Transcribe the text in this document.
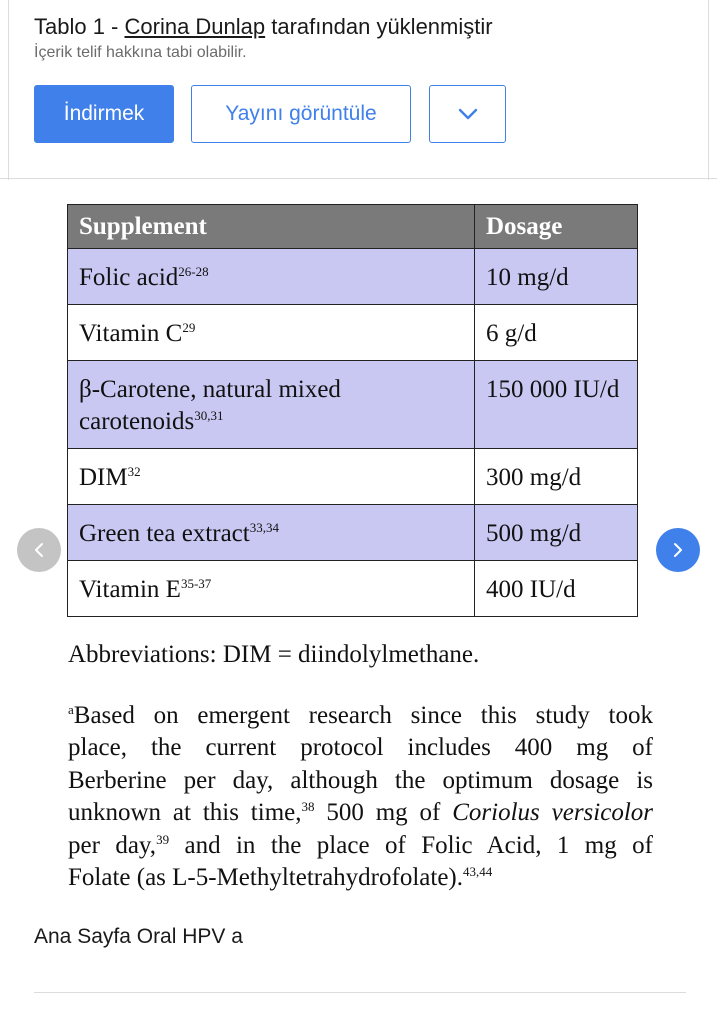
Tablo 1 - Corina Dunlap tarafından yüklenmiştir
İçerik telif hakkına tabi olabilir.
İndirmek	Yayını görüntüle
Supplement	Dosage
Folic acid$^{26-28}$	10 mg/d
Vitamin $C^{29}$	6 g/d
β-Carotene, natural mixed
carotenoids$^{30,31}$	150 000 IU/d
DIM$^{32}$	300 mg/d
Green tea extract$^{33,34}$	500 mg/d
Vitamin $E^{35-37}$	400 IU/d
Abbreviations: DIM = diindolylmethane.
$^a$Based on emergent research since this study took
place, the current protocol includes 400 mg of
Berberine per day, although the optimum dosage is
unknown at this time,$^{38}$ 500 mg of Coriolus versicolor
per day,$^{39}$ and in the place of Folic Acid, 1 mg of
Folate (as L-5-Methyltetrahydrofolate).$^{43,44}$
Ana Sayfa Oral HPV a
